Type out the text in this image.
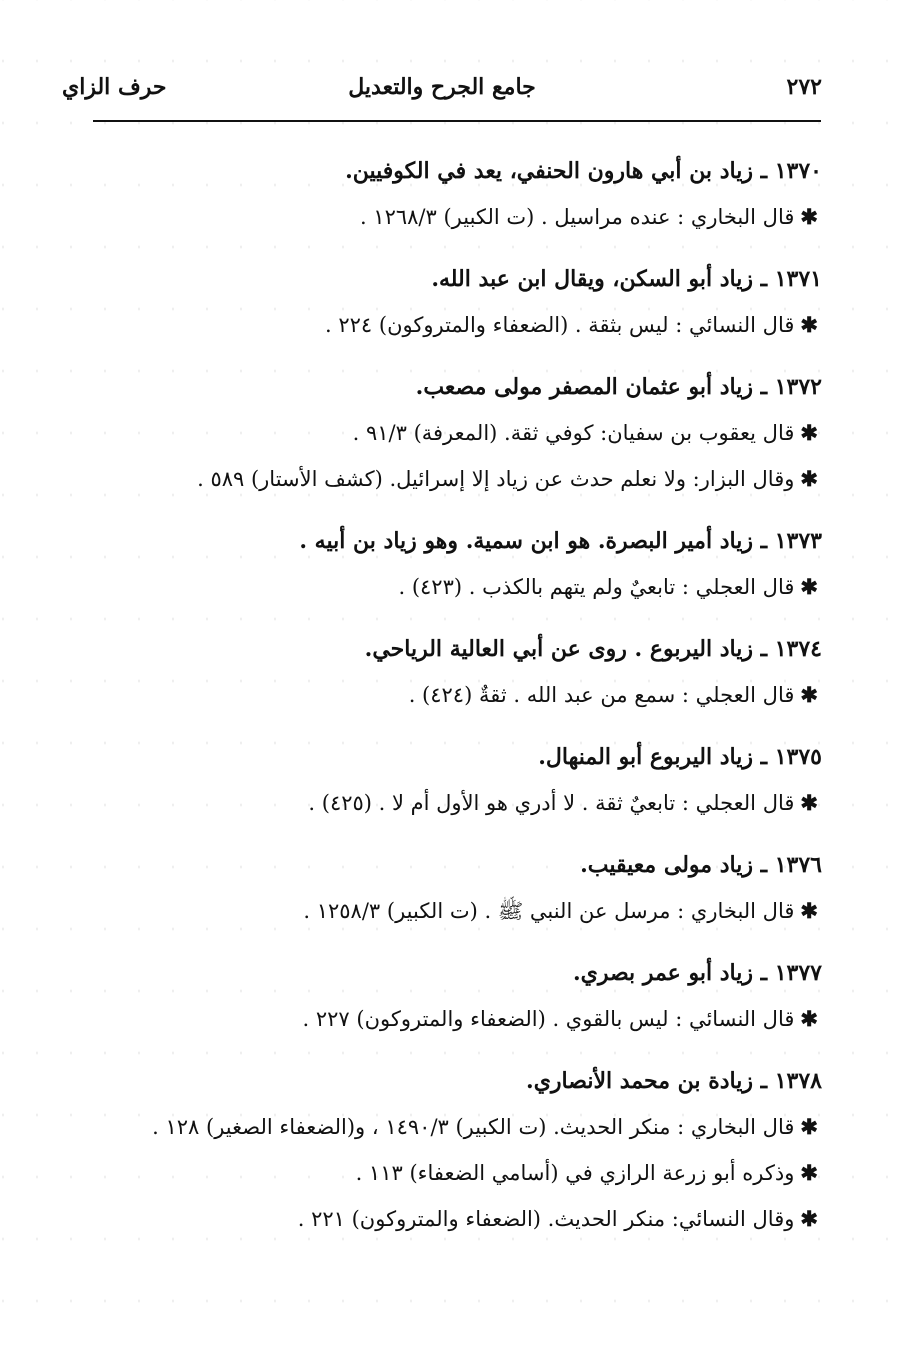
٢٧٢
جامع الجرح والتعديل
حرف الزاي
١٣٧٠ ـ زياد بن أبي هارون الحنفي، يعد في الكوفيين.
✱قال البخاري : عنده مراسيل . (ت الكبير) ١٢٦٨/٣ .
١٣٧١ ـ زياد أبو السكن، ويقال ابن عبد الله.
✱قال النسائي : ليس بثقة . (الضعفاء والمتروكون) ٢٢٤ .
١٣٧٢ ـ زياد أبو عثمان المصفر مولى مصعب.
✱قال يعقوب بن سفيان: كوفي ثقة. (المعرفة) ٩١/٣ .
✱وقال البزار: ولا نعلم حدث عن زياد إلا إسرائيل. (كشف الأستار) ٥٨٩ .
١٣٧٣ ـ زياد أمير البصرة. هو ابن سمية. وهو زياد بن أبيه .
✱قال العجلي : تابعيٌ ولم يتهم بالكذب . (٤٢٣) .
١٣٧٤ ـ زياد اليربوع . روى عن أبي العالية الرياحي.
✱قال العجلي : سمع من عبد الله . ثقةٌ (٤٢٤) .
١٣٧٥ ـ زياد اليربوع أبو المنهال.
✱قال العجلي : تابعيٌ ثقة . لا أدري هو الأول أم لا . (٤٢٥) .
١٣٧٦ ـ زياد مولى معيقيب.
✱قال البخاري : مرسل عن النبي ﷺ . (ت الكبير) ١٢٥٨/٣ .
١٣٧٧ ـ زياد أبو عمر بصري.
✱قال النسائي : ليس بالقوي . (الضعفاء والمتروكون) ٢٢٧ .
١٣٧٨ ـ زيادة بن محمد الأنصاري.
✱قال البخاري : منكر الحديث. (ت الكبير) ١٤٩٠/٣ ، و(الضعفاء الصغير) ١٢٨ .
✱وذكره أبو زرعة الرازي في (أسامي الضعفاء) ١١٣ .
✱وقال النسائي: منكر الحديث. (الضعفاء والمتروكون) ٢٢١ .
